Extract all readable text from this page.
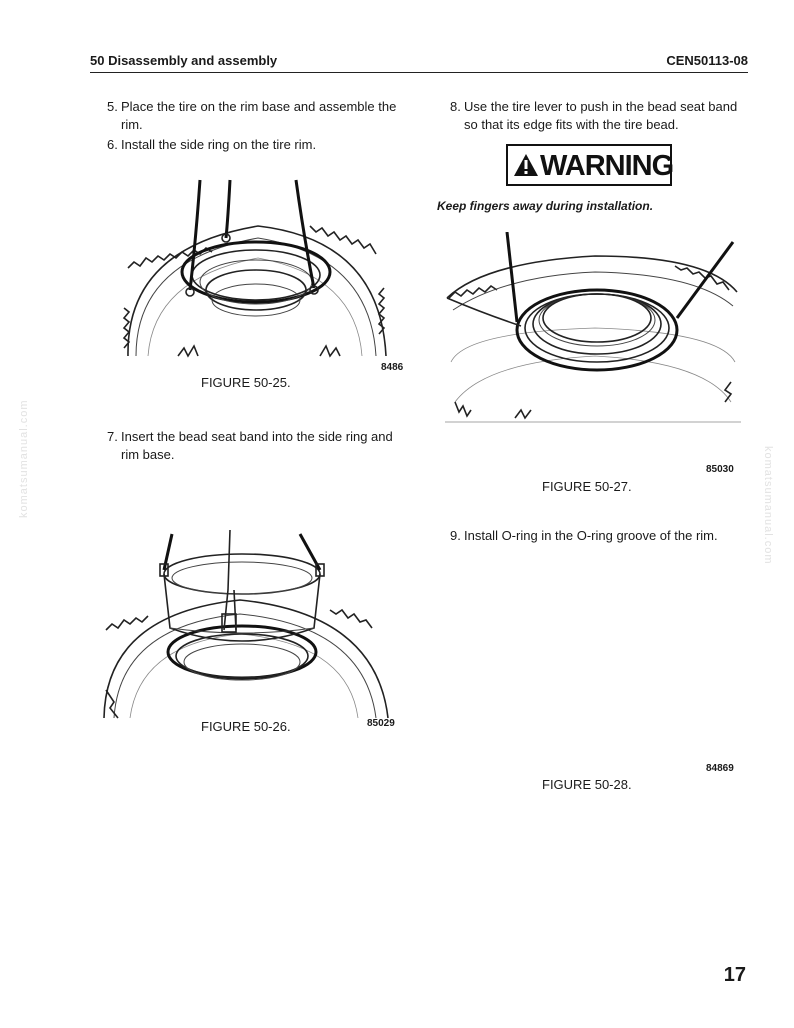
50 Disassembly and assembly	CEN50113-08
5. Place the tire on the rim base and assemble the rim.
6. Install the side ring on the tire rim.
8486
FIGURE 50-25.
7. Insert the bead seat band into the side ring and rim base.
FIGURE 50-26.	85029
8. Use the tire lever to push in the bead seat band so that its edge fits with the tire bead.
WARNING
Keep fingers away during installation.
85030
FIGURE 50-27.
9. Install O-ring in the O-ring groove of the rim.
84869
FIGURE 50-28.
komatsumanual.com	komatsumanual.com
17
